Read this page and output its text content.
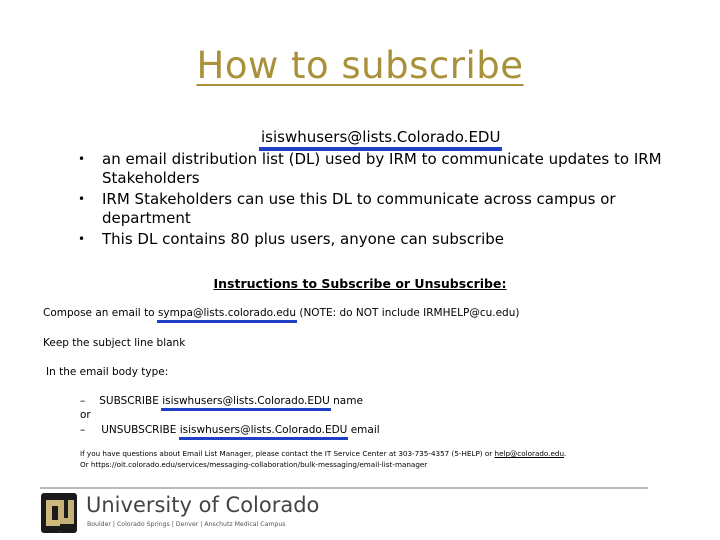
How to subscribe
isiswhusers@lists.Colorado.EDU
• an email distribution list (DL) used by IRM to communicate updates to IRM Stakeholders
• IRM Stakeholders can use this DL to communicate across campus or department
• This DL contains 80 plus users, anyone can subscribe
Instructions to Subscribe or Unsubscribe:
Compose an email to sympa@lists.colorado.edu
(NOTE: do NOT include IRMHELP@cu.edu)
Keep the subject line blank
In the email body type:
– SUBSCRIBE isiswhusers@lists.Colorado.EDU
name
or
– UNSUBSCRIBE isiswhusers@lists.Colorado.EDU
email
If you have questions about Email List Manager, please contact the IT Service Center at 303-735-4357 (5-HELP) or help@colorado.edu.
Or https://oit.colorado.edu/services/messaging-collaboration/bulk-messaging/email-list-manager
CU
University of Colorado
Boulder | Colorado Springs | Denver | Anschutz Medical Campus
